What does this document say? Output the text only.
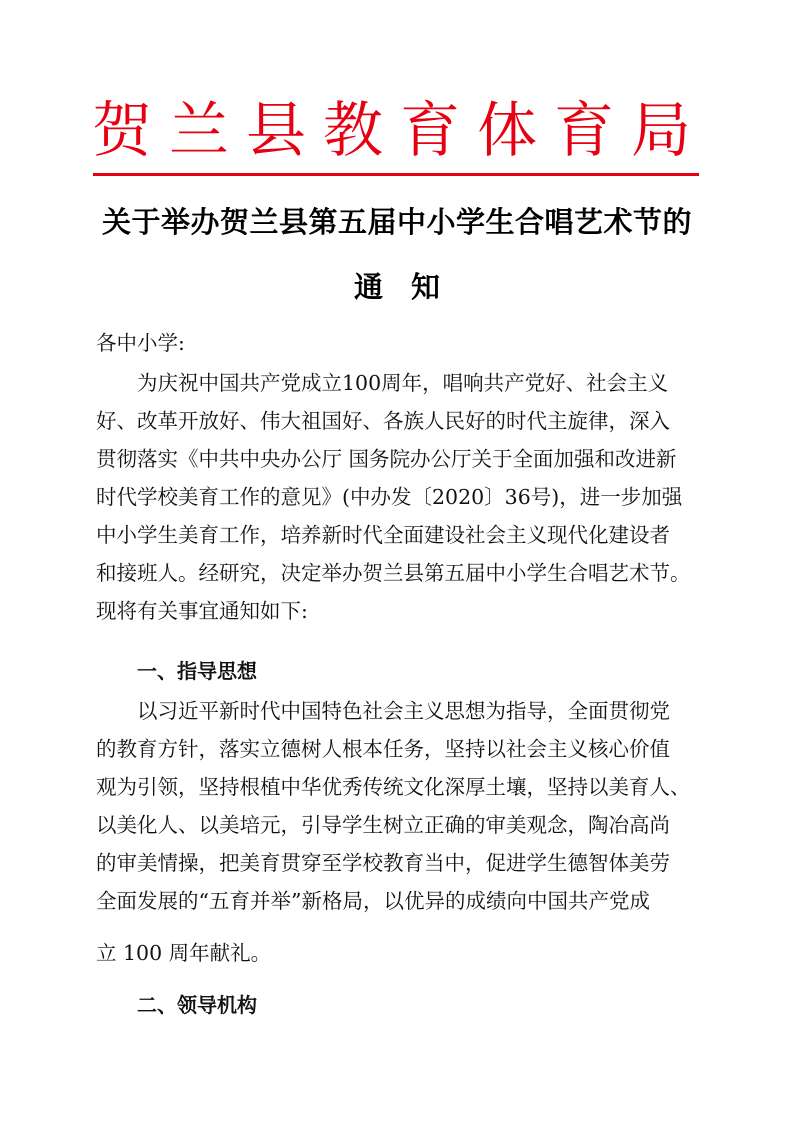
贺兰县教育体育局
关于举办贺兰县第五届中小学生合唱艺术节的
通知
各中小学:
为庆祝中国共产党成立100周年，唱响共产党好、社会主义
好、改革开放好、伟大祖国好、各族人民好的时代主旋律，深入
贯彻落实《中共中央办公厅 国务院办公厅关于全面加强和改进新
时代学校美育工作的意见》(中办发〔2020〕36号)，进一步加强
中小学生美育工作，培养新时代全面建设社会主义现代化建设者
和接班人。经研究，决定举办贺兰县第五届中小学生合唱艺术节。
现将有关事宜通知如下:
一、指导思想
以习近平新时代中国特色社会主义思想为指导，全面贯彻党
的教育方针，落实立德树人根本任务，坚持以社会主义核心价值
观为引领，坚持根植中华优秀传统文化深厚土壤，坚持以美育人、
以美化人、以美培元，引导学生树立正确的审美观念，陶冶高尚
的审美情操，把美育贯穿至学校教育当中，促进学生德智体美劳
全面发展的“五育并举”新格局，以优异的成绩向中国共产党成
立 100 周年献礼。
二、领导机构
